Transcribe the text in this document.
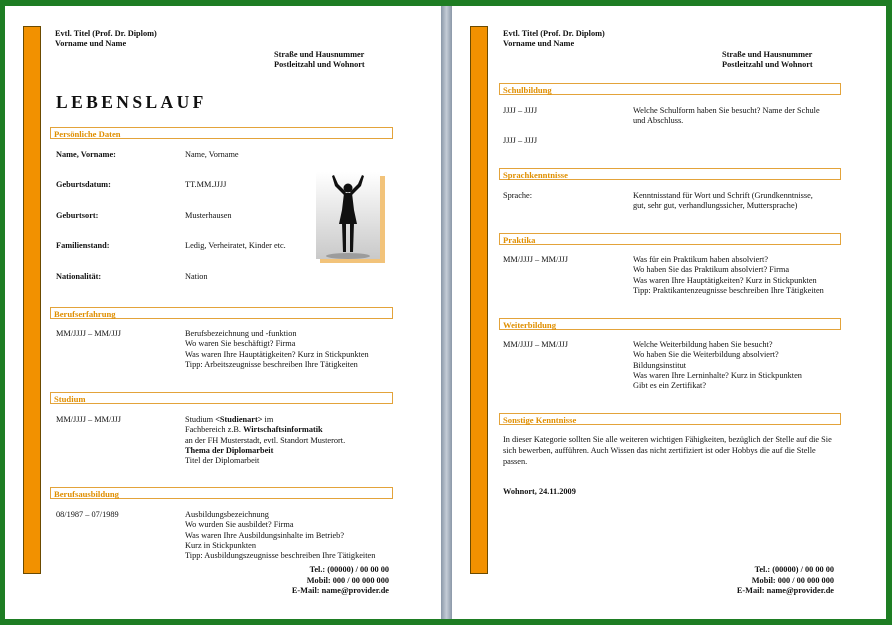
Evtl. Titel (Prof. Dr. Diplom)
Vorname und Name
Straße und Hausnummer
Postleitzahl und Wohnort
LEBENSLAUF
Persönliche Daten
Name, Vorname:	Name, Vorname
Geburtsdatum:	TT.MM.JJJJ
Geburtsort:	Musterhausen
Familienstand:	Ledig, Verheiratet, Kinder etc.
Nationalität:	Nation
Berufserfahrung
MM/JJJJ – MM/JJJ	Berufsbezeichnung und -funktion
Wo waren Sie beschäftigt? Firma
Was waren Ihre Hauptätigkeiten? Kurz in Stickpunkten
Tipp: Arbeitszeugnisse beschreiben Ihre Tätigkeiten
Studium
MM/JJJJ – MM/JJJ	Studium <Studienart> im
Fachbereich z.B. Wirtschaftsinformatik
an der FH Musterstadt, evtl. Standort Musterort.
Thema der Diplomarbeit
Titel der Diplomarbeit
Berufsausbildung
08/1987 – 07/1989	Ausbildungsbezeichnung
Wo wurden Sie ausbildet? Firma
Was waren Ihre Ausbildungsinhalte im Betrieb?
Kurz in Stickpunkten
Tipp: Ausbildungszeugnisse beschreiben Ihre Tätigkeiten
Tel.: (00000) / 00 00 00
Mobil: 000 / 00 000 000
E-Mail: name@provider.de
Evtl. Titel (Prof. Dr. Diplom)
Vorname und Name
Straße und Hausnummer
Postleitzahl und Wohnort
Schulbildung
JJJJ – JJJJ	Welche Schulform haben Sie besucht? Name der Schule
und Abschluss.
JJJJ – JJJJ
Sprachkenntnisse
Sprache:	Kenntnisstand für Wort und Schrift (Grundkenntnisse,
gut, sehr gut, verhandlungssicher, Muttersprache)
Praktika
MM/JJJJ – MM/JJJ	Was für ein Praktikum haben absolviert?
Wo haben Sie das Praktikum absolviert? Firma
Was waren Ihre Hauptätigkeiten? Kurz in Stickpunkten
Tipp: Praktikantenzeugnisse beschreiben Ihre Tätigkeiten
Weiterbildung
MM/JJJJ – MM/JJJ	Welche Weiterbildung haben Sie besucht?
Wo haben Sie die Weiterbildung absolviert?
Bildungsinstitut
Was waren Ihre Lerninhalte? Kurz in Stickpunkten
Gibt es ein Zertifikat?
Sonstige Kenntnisse
In dieser Kategorie sollten Sie alle weiteren wichtigen Fähigkeiten, bezüglich der Stelle auf die Sie sich bewerben, aufführen. Auch Wissen das nicht zertifiziert ist oder Hobbys die auf die Stelle passen.
Wohnort, 24.11.2009
Tel.: (00000) / 00 00 00
Mobil: 000 / 00 000 000
E-Mail: name@provider.de
